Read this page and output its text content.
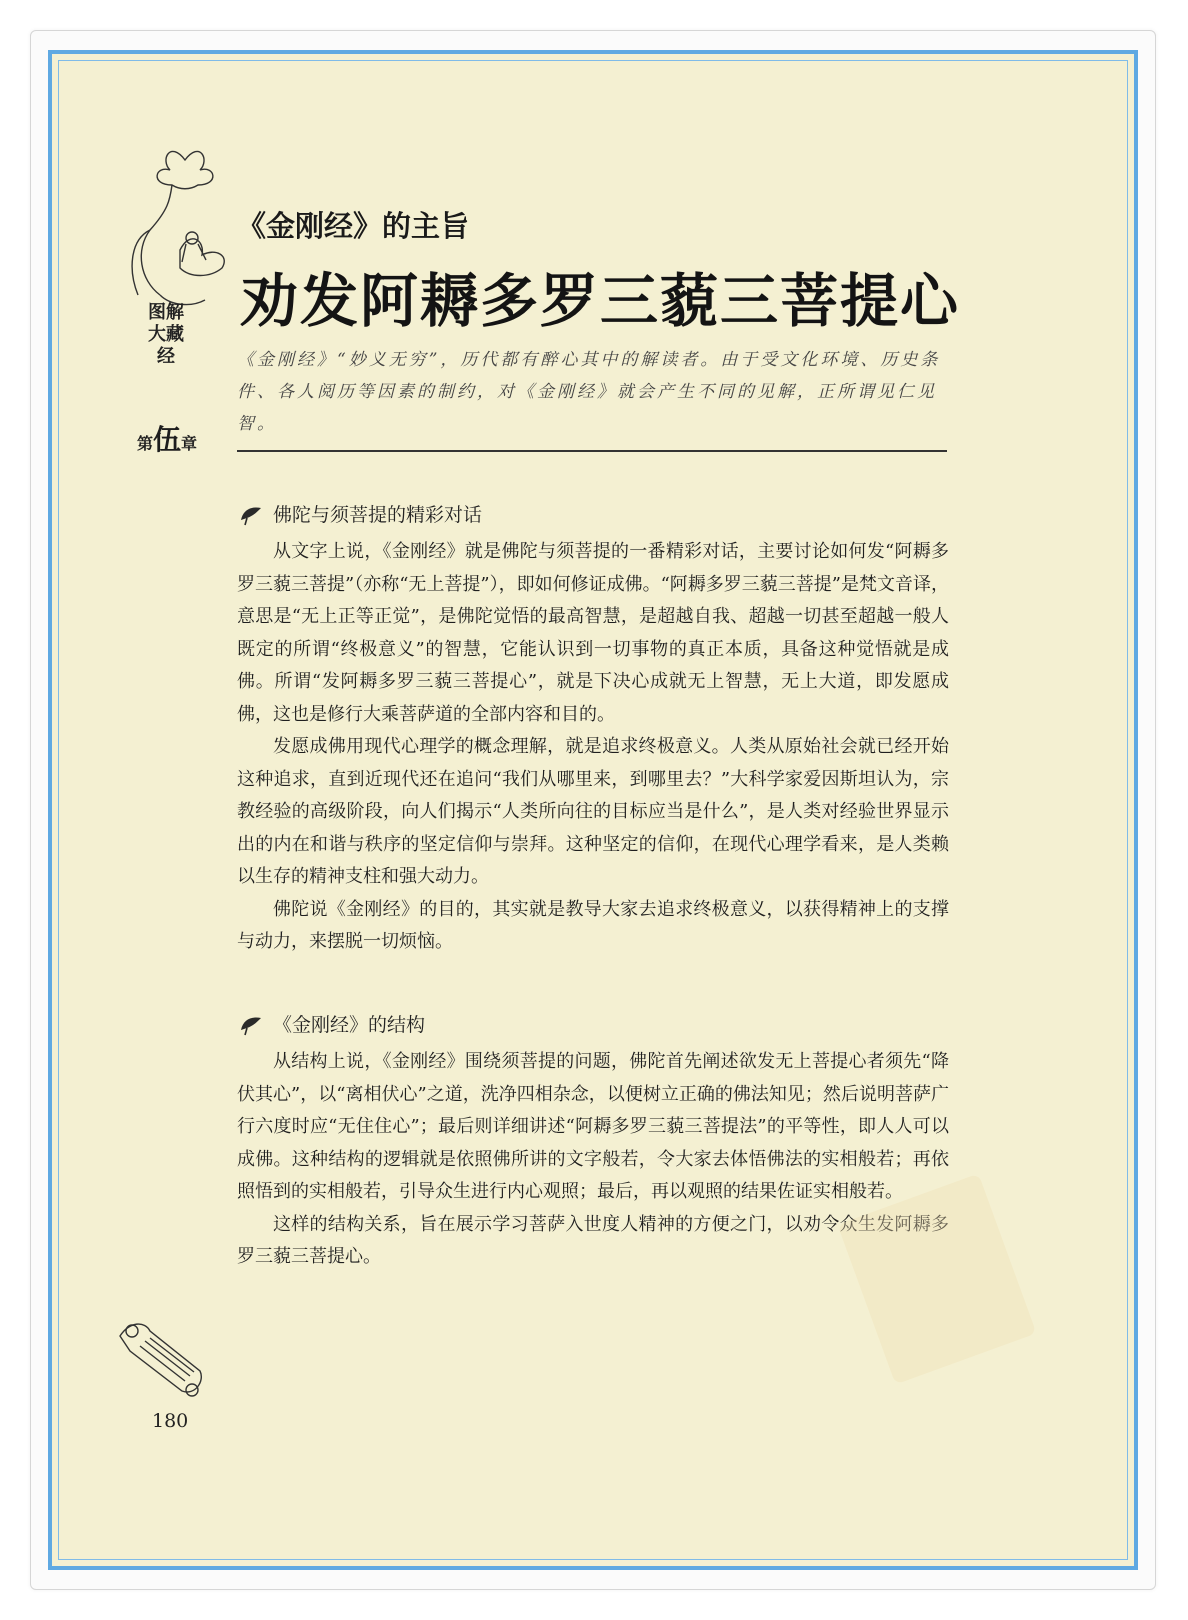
图解大藏经
第伍章
《金刚经》的主旨
劝发阿耨多罗三藐三菩提心

《金刚经》“妙义无穷”，历代都有醉心其中的解读者。由于受文化环境、历史条件、各人阅历等因素的制约，对《金刚经》就会产生不同的见解，正所谓见仁见智。

佛陀与须菩提的精彩对话

从文字上说，《金刚经》就是佛陀与须菩提的一番精彩对话，主要讨论如何发“阿耨多罗三藐三菩提”（亦称“无上菩提”），即如何修证成佛。“阿耨多罗三藐三菩提”是梵文音译，意思是“无上正等正觉”，是佛陀觉悟的最高智慧，是超越自我、超越一切甚至超越一般人既定的所谓“终极意义”的智慧，它能认识到一切事物的真正本质，具备这种觉悟就是成佛。所谓“发阿耨多罗三藐三菩提心”，就是下决心成就无上智慧，无上大道，即发愿成佛，这也是修行大乘菩萨道的全部内容和目的。

发愿成佛用现代心理学的概念理解，就是追求终极意义。人类从原始社会就已经开始这种追求，直到近现代还在追问“我们从哪里来，到哪里去？”大科学家爱因斯坦认为，宗教经验的高级阶段，向人们揭示“人类所向往的目标应当是什么”，是人类对经验世界显示出的内在和谐与秩序的坚定信仰与崇拜。这种坚定的信仰，在现代心理学看来，是人类赖以生存的精神支柱和强大动力。

佛陀说《金刚经》的目的，其实就是教导大家去追求终极意义，以获得精神上的支撑与动力，来摆脱一切烦恼。

《金刚经》的结构

从结构上说，《金刚经》围绕须菩提的问题，佛陀首先阐述欲发无上菩提心者须先“降伏其心”，以“离相伏心”之道，洗净四相杂念，以便树立正确的佛法知见；然后说明菩萨广行六度时应“无住住心”；最后则详细讲述“阿耨多罗三藐三菩提法”的平等性，即人人可以成佛。这种结构的逻辑就是依照佛所讲的文字般若，令大家去体悟佛法的实相般若；再依照悟到的实相般若，引导众生进行内心观照；最后，再以观照的结果佐证实相般若。

这样的结构关系，旨在展示学习菩萨入世度人精神的方便之门，以劝令众生发阿耨多罗三藐三菩提心。

180
